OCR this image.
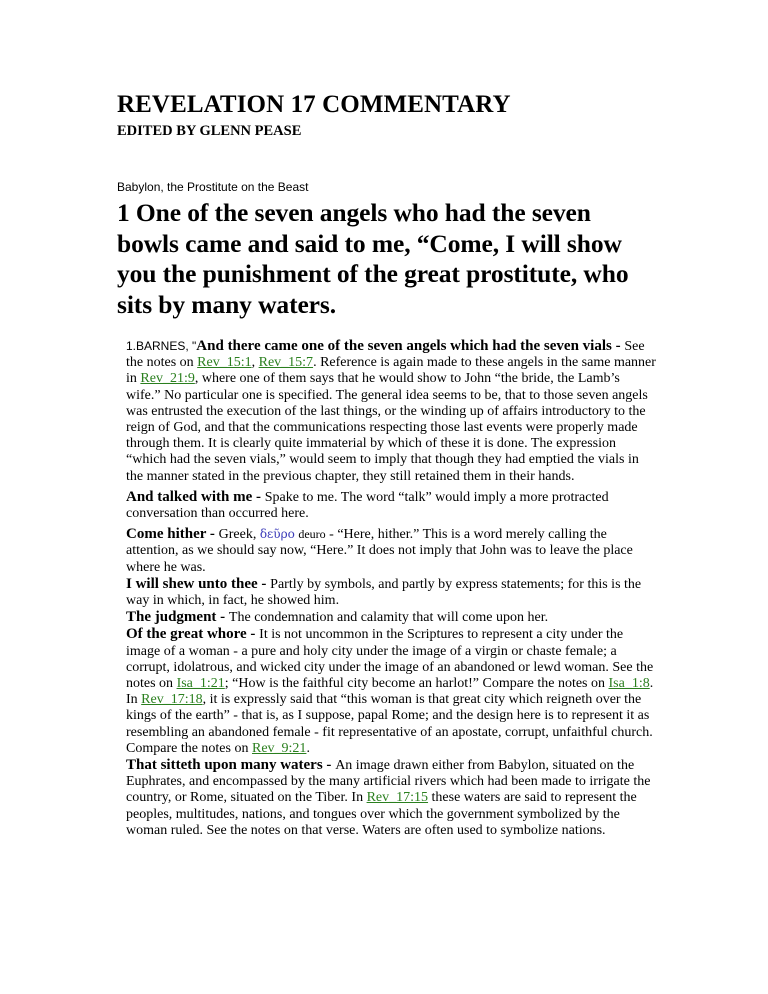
REVELATION 17 COMMENTARY
EDITED BY GLENN PEASE
Babylon, the Prostitute on the Beast
1 One of the seven angels who had the seven bowls came and said to me, “Come, I will show you the punishment of the great prostitute, who sits by many waters.

1.BARNES, "And there came one of the seven angels which had the seven vials - See the notes on Rev_15:1, Rev_15:7. Reference is again made to these angels in the same manner in Rev_21:9, where one of them says that he would show to John “the bride, the Lamb’s wife.” No particular one is specified. The general idea seems to be, that to those seven angels was entrusted the execution of the last things, or the winding up of affairs introductory to the reign of God, and that the communications respecting those last events were properly made through them. It is clearly quite immaterial by which of these it is done. The expression “which had the seven vials,” would seem to imply that though they had emptied the vials in the manner stated in the previous chapter, they still retained them in their hands.

And talked with me - Spake to me. The word “talk” would imply a more protracted conversation than occurred here.

Come hither - Greek, δεῦρο deuro - “Here, hither.” This is a word merely calling the attention, as we should say now, “Here.” It does not imply that John was to leave the place where he was.

I will shew unto thee - Partly by symbols, and partly by express statements; for this is the way in which, in fact, he showed him.

The judgment - The condemnation and calamity that will come upon her.

Of the great whore - It is not uncommon in the Scriptures to represent a city under the image of a woman - a pure and holy city under the image of a virgin or chaste female; a corrupt, idolatrous, and wicked city under the image of an abandoned or lewd woman. See the notes on Isa_1:21; “How is the faithful city become an harlot!” Compare the notes on Isa_1:8. In Rev_17:18, it is expressly said that “this woman is that great city which reigneth over the kings of the earth” - that is, as I suppose, papal Rome; and the design here is to represent it as resembling an abandoned female - fit representative of an apostate, corrupt, unfaithful church. Compare the notes on Rev_9:21.

That sitteth upon many waters - An image drawn either from Babylon, situated on the Euphrates, and encompassed by the many artificial rivers which had been made to irrigate the country, or Rome, situated on the Tiber. In Rev_17:15 these waters are said to represent the peoples, multitudes, nations, and tongues over which the government symbolized by the woman ruled. See the notes on that verse. Waters are often used to symbolize nations.
